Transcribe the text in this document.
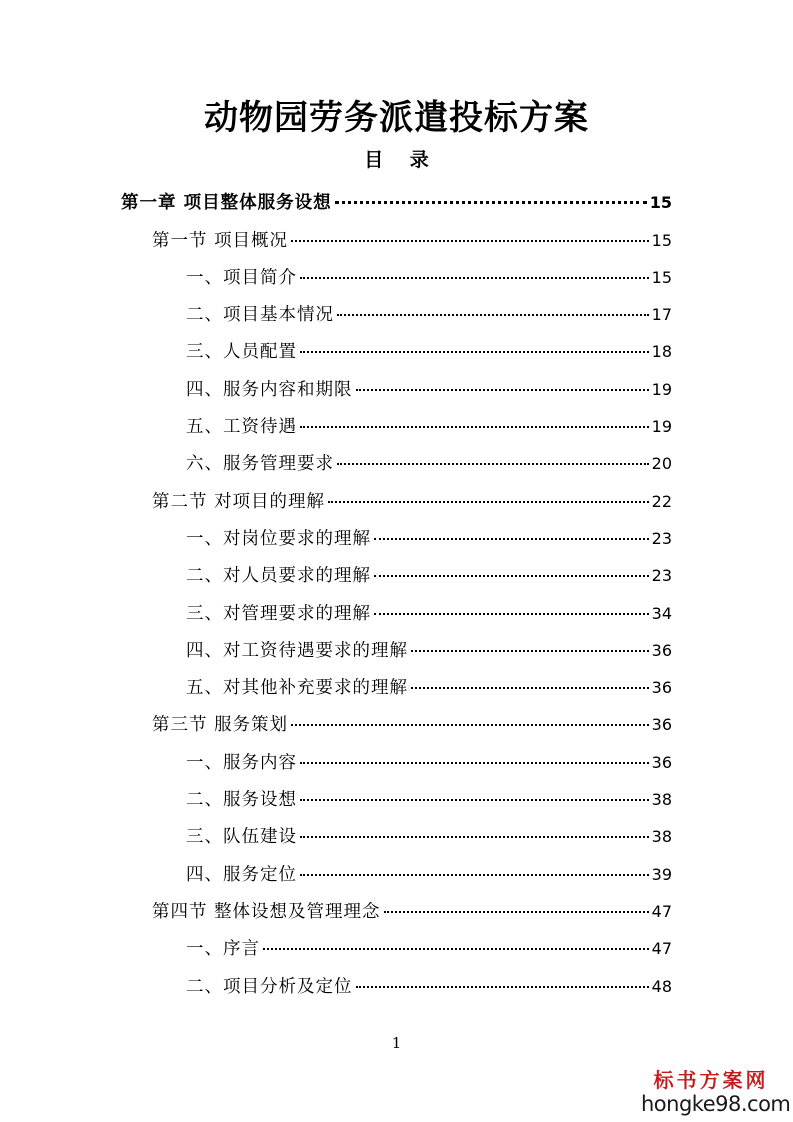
动物园劳务派遣投标方案
目 录
第一章 项目整体服务设想	15
第一节 项目概况	15
一、项目简介	15
二、项目基本情况	17
三、人员配置	18
四、服务内容和期限	19
五、工资待遇	19
六、服务管理要求	20
第二节 对项目的理解	22
一、对岗位要求的理解	23
二、对人员要求的理解	23
三、对管理要求的理解	34
四、对工资待遇要求的理解	36
五、对其他补充要求的理解	36
第三节 服务策划	36
一、服务内容	36
二、服务设想	38
三、队伍建设	38
四、服务定位	39
第四节 整体设想及管理理念	47
一、序言	47
二、项目分析及定位	48
1
标书方案网
hongke98.com
